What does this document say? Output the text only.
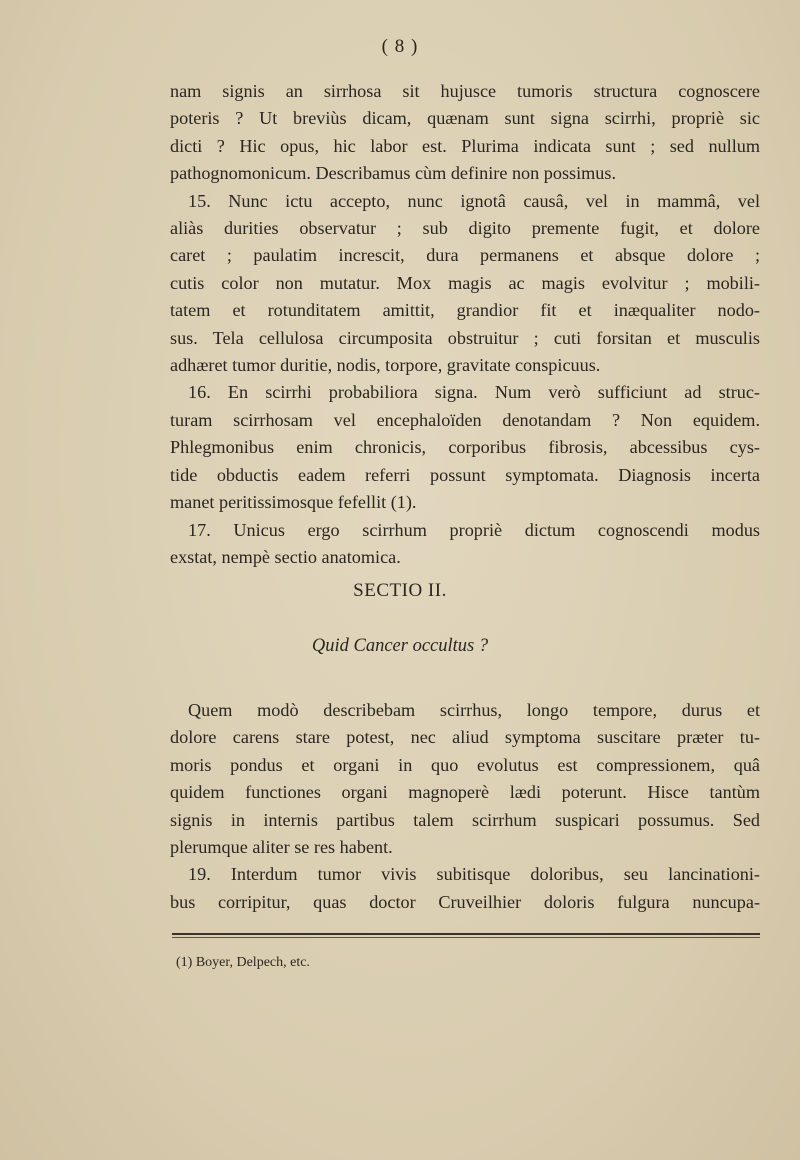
( 8 )
nam signis an sirrhosa sit hujusce tumoris structura cognoscere
poteris ? Ut breviùs dicam, quænam sunt signa scirrhi, propriè sic
dicti ? Hic opus, hic labor est. Plurima indicata sunt ; sed nullum
pathognomonicum. Describamus cùm definire non possimus.
15. Nunc ictu accepto, nunc ignotâ causâ, vel in mammâ, vel
aliàs durities observatur ; sub digito premente fugit, et dolore
caret ; paulatim increscit, dura permanens et absque dolore ;
cutis color non mutatur. Mox magis ac magis evolvitur ; mobili-
tatem et rotunditatem amittit, grandior fit et inæqualiter nodo-
sus. Tela cellulosa circumposita obstruitur ; cuti forsitan et musculis
adhæret tumor duritie, nodis, torpore, gravitate conspicuus.
16. En scirrhi probabiliora signa. Num verò sufficiunt ad struc-
turam scirrhosam vel encephaloïden denotandam ? Non equidem.
Phlegmonibus enim chronicis, corporibus fibrosis, abcessibus cys-
tide obductis eadem referri possunt symptomata. Diagnosis incerta
manet peritissimosque fefellit (1).
17. Unicus ergo scirrhum propriè dictum cognoscendi modus
exstat, nempè sectio anatomica.
SECTIO II.
Quid Cancer occultus ?
Quem modò describebam scirrhus, longo tempore, durus et
dolore carens stare potest, nec aliud symptoma suscitare præter tu-
moris pondus et organi in quo evolutus est compressionem, quâ
quidem functiones organi magnoperè lædi poterunt. Hisce tantùm
signis in internis partibus talem scirrhum suspicari possumus. Sed
plerumque aliter se res habent.
19. Interdum tumor vivis subitisque doloribus, seu lancinationi-
bus corripitur, quas doctor Cruveilhier doloris fulgura nuncupa-
(1) Boyer, Delpech, etc.
